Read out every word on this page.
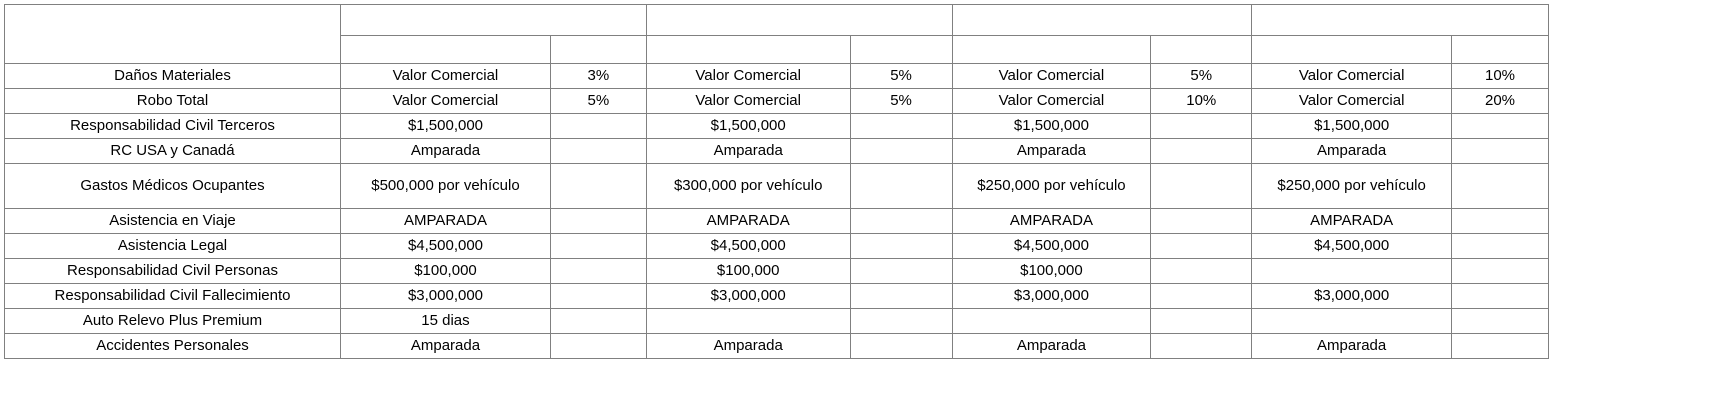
COBERTURAS MULTIMARCA	Premium		Estándar		Básico		Básico Plus	
	Suma asegurada	Deducible	Suma Asegurada	Deducible	Suma asegurada	Deducible	Suma asegurada	Deducible
Daños Materiales	Valor Comercial	3%	Valor Comercial	5%	Valor Comercial	5%	Valor Comercial	10%
Robo Total	Valor Comercial	5%	Valor Comercial	5%	Valor Comercial	10%	Valor Comercial	20%
Responsabilidad Civil Terceros	$1,500,000		$1,500,000		$1,500,000		$1,500,000	
RC USA y Canadá	Amparada		Amparada		Amparada		Amparada	
Gastos Médicos Ocupantes	$500,000 por vehículo		$300,000 por vehículo		$250,000 por vehículo		$250,000 por vehículo	
Asistencia en Viaje	AMPARADA		AMPARADA		AMPARADA		AMPARADA	
Asistencia Legal	$4,500,000		$4,500,000		$4,500,000		$4,500,000	
Responsabilidad Civil Personas	$100,000		$100,000		$100,000			
Responsabilidad Civil Fallecimiento	$3,000,000		$3,000,000		$3,000,000		$3,000,000	
Auto Relevo Plus Premium	15 dias							
Accidentes Personales	Amparada		Amparada		Amparada		Amparada	
